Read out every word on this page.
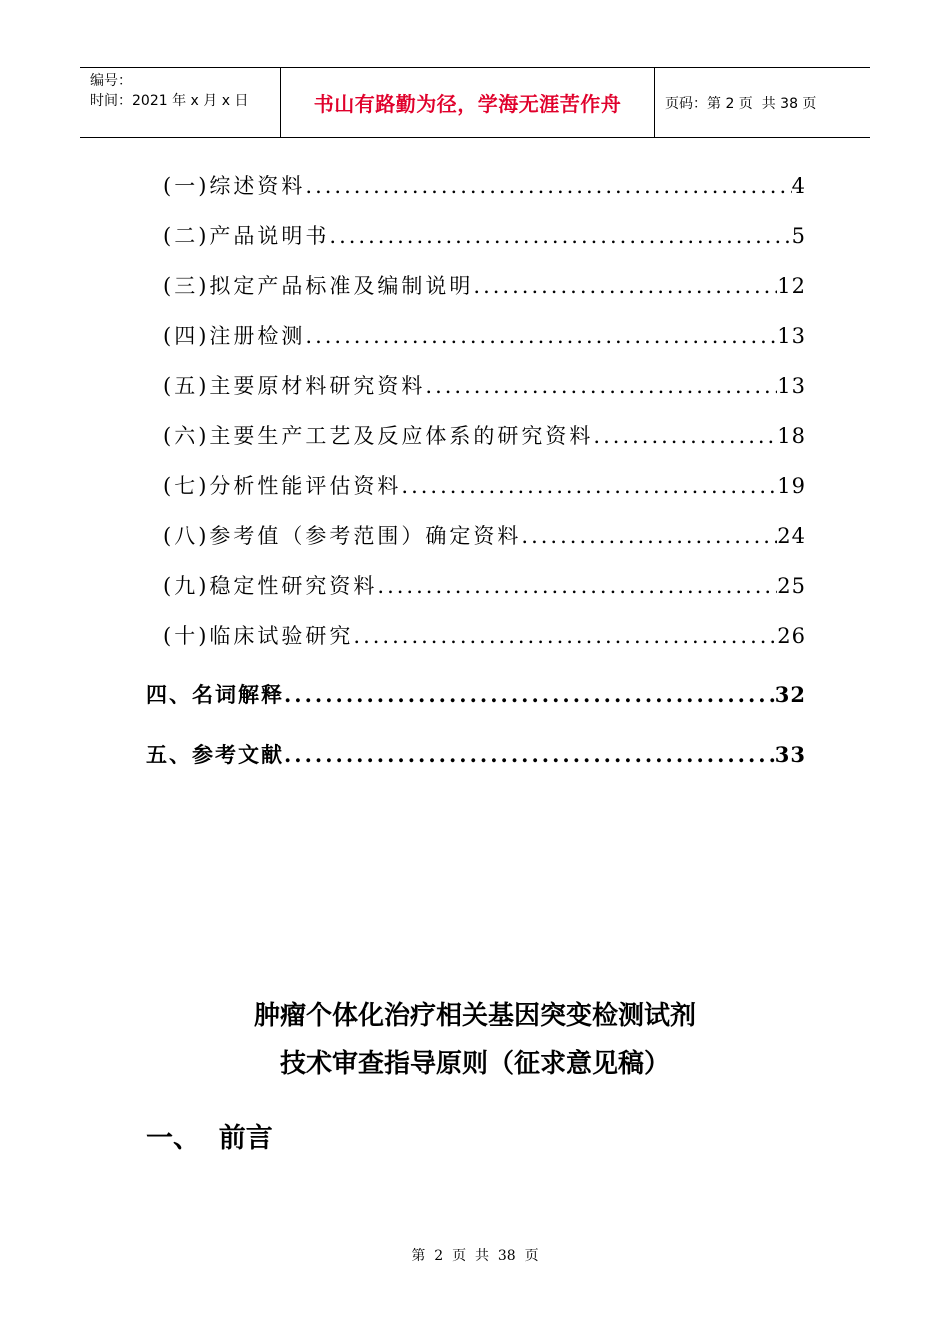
编号：
时间：2021 年 x 月 x 日	书山有路勤为径，学海无涯苦作舟	页码：第 2 页  共 38 页
(一)综述资料 .....	4
(二)产品说明书 .....	5
(三)拟定产品标准及编制说明 .....	12
(四)注册检测 .....	13
(五)主要原材料研究资料 .....	13
(六)主要生产工艺及反应体系的研究资料 .....	18
(七)分析性能评估资料 .....	19
(八)参考值（参考范围）确定资料 .....	24
(九)稳定性研究资料 .....	25
(十)临床试验研究 .....	26
四、名词解释 .....	32
五、参考文献 .....	33
肿瘤个体化治疗相关基因突变检测试剂
技术审查指导原则（征求意见稿）
一、  前言
第  2  页  共  38  页
